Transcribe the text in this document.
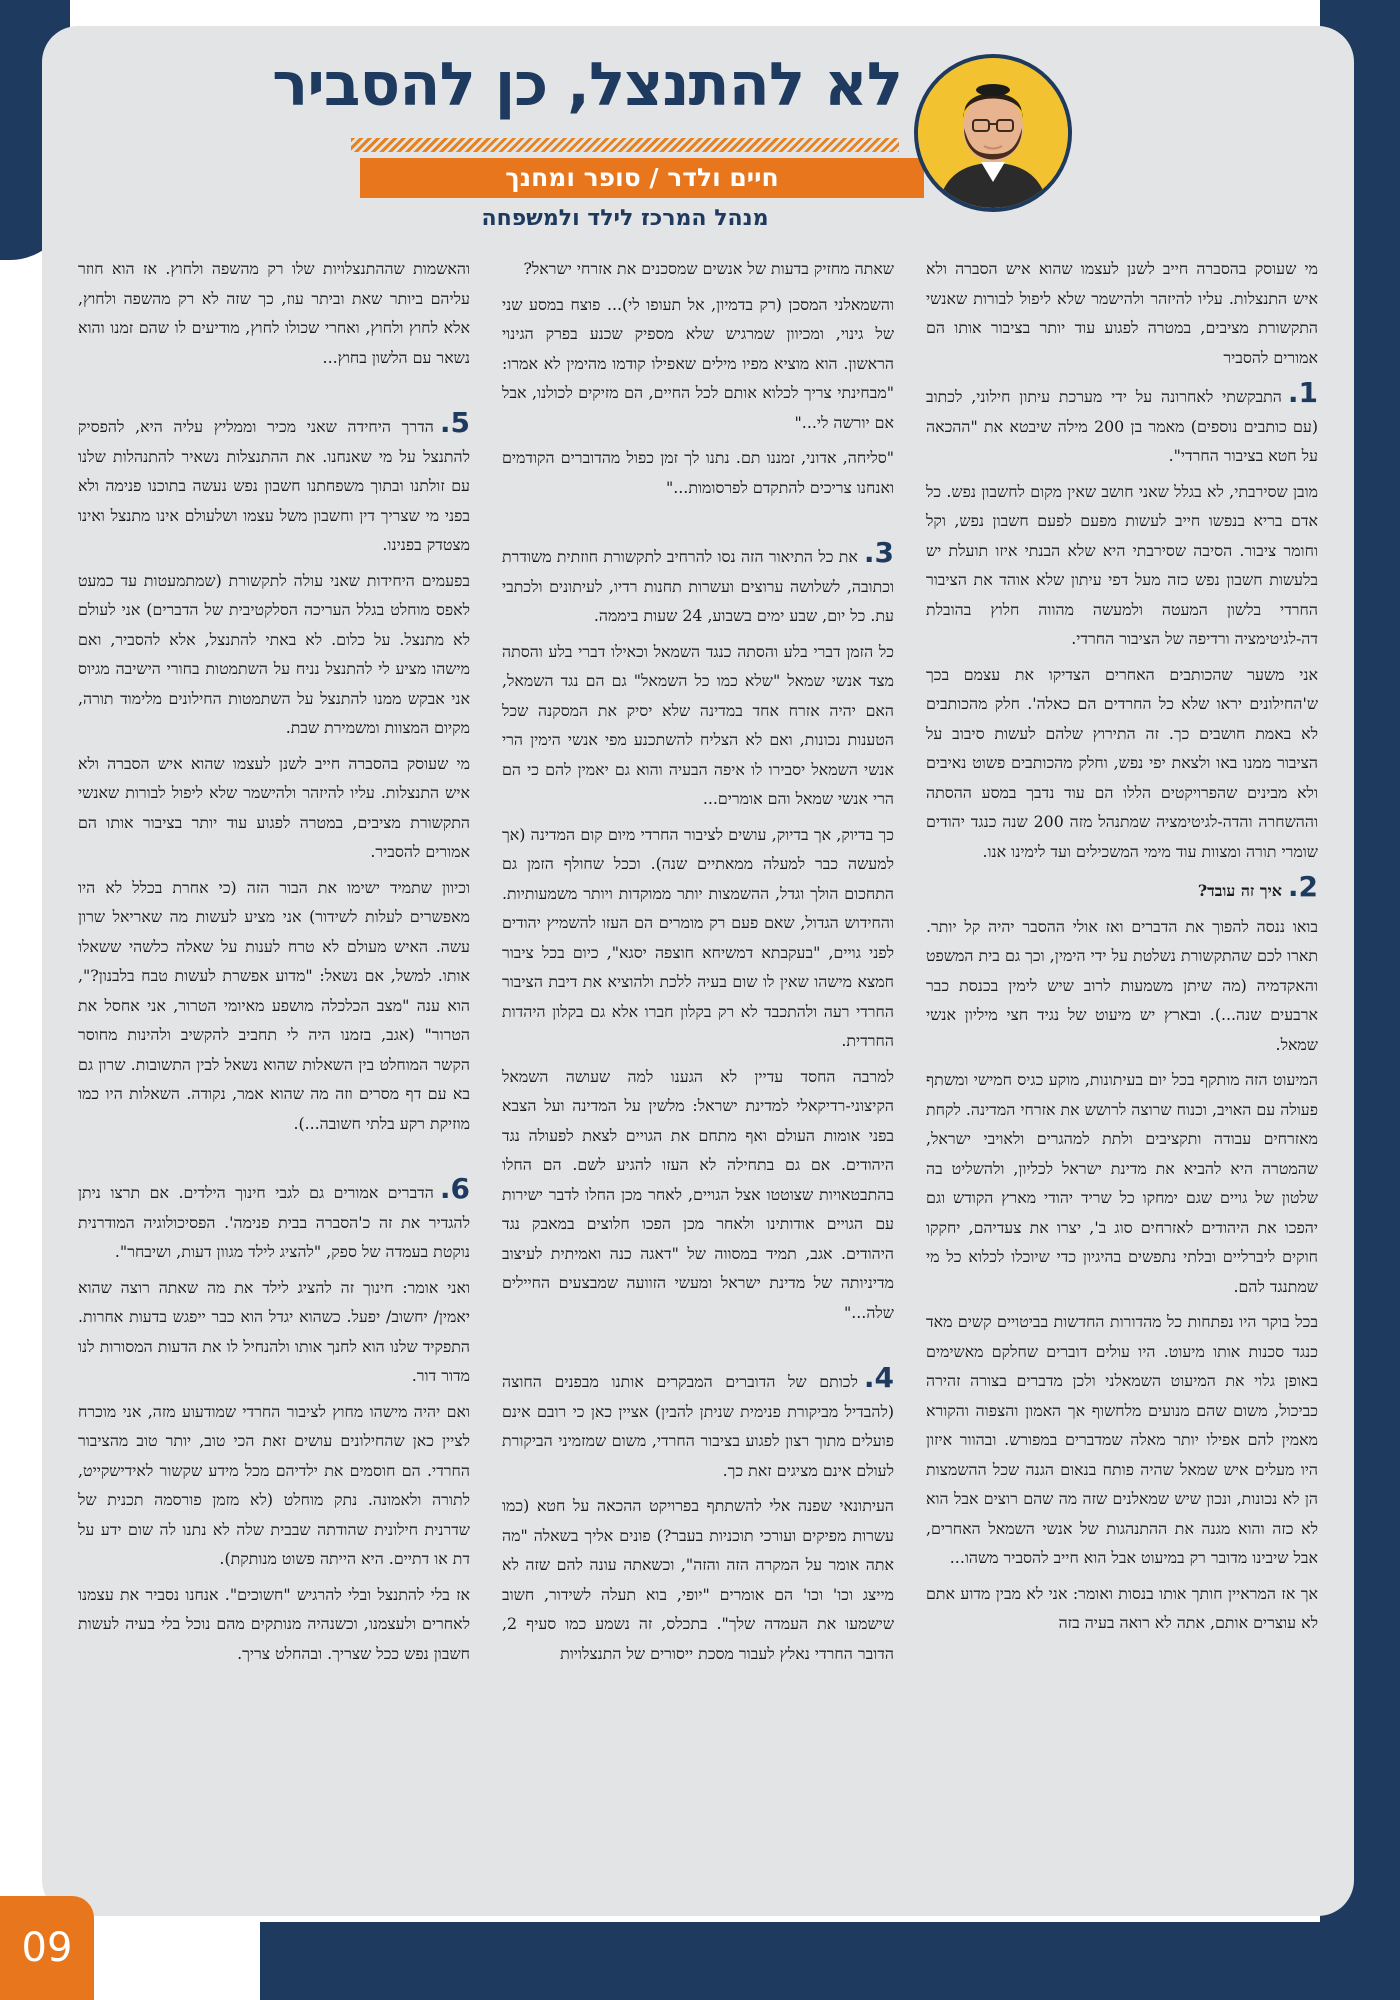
לא להתנצל, כן להסביר
חיים ולדר / סופר ומחנך
מנהל המרכז לילד ולמשפחה

מי שעוסק בהסברה חייב לשנן לעצמו שהוא איש הסברה ולא איש התנצלות. עליו להיזהר ולהישמר שלא ליפול לבורות שאנשי התקשורת מציבים, במטרה לפגוע עוד יותר בציבור אותו הם אמורים להסביר

1.התבקשתי לאחרונה על ידי מערכת עיתון חילוני, לכתוב (עם כותבים נוספים) מאמר בן 200 מילה שיבטא את "ההכאה על חטא בציבור החרדי".

מובן שסירבתי, לא בגלל שאני חושב שאין מקום לחשבון נפש. כל אדם בריא בנפשו חייב לעשות מפעם לפעם חשבון נפש, וקל וחומר ציבור. הסיבה שסירבתי היא שלא הבנתי איזו תועלת יש בלעשות חשבון נפש כזה מעל דפי עיתון שלא אוהד את הציבור החרדי בלשון המעטה ולמעשה מהווה חלוץ בהובלת דה-לגיטימציה ורדיפה של הציבור החרדי.

אני משער שהכותבים האחרים הצדיקו את עצמם בכך ש'החילונים יראו שלא כל החרדים הם כאלה'. חלק מהכותבים לא באמת חושבים כך. זה התירוץ שלהם לעשות סיבוב על הציבור ממנו באו ולצאת יפי נפש, וחלק מהכותבים פשוט נאיבים ולא מבינים שהפרויקטים הללו הם עוד נדבך במסע ההסתה וההשחרה והדה-לגיטימציה שמתנהל מזה 200 שנה כנגד יהודים שומרי תורה ומצוות עוד מימי המשכילים ועד לימינו אנו.

2.איך זה עובד?

בואו ננסה להפוך את הדברים ואז אולי ההסבר יהיה קל יותר. תארו לכם שהתקשורת נשלטת על ידי הימין, וכך גם בית המשפט והאקדמיה (מה שיתן משמעות לרוב שיש לימין בכנסת כבר ארבעים שנה...). ובארץ יש מיעוט של נגיד חצי מיליון אנשי שמאל.

המיעוט הזה מותקף בכל יום בעיתונות, מוקע כגיס חמישי ומשתף פעולה עם האויב, וכנוח שרוצה לרושש את אזרחי המדינה. לקחת מאזרחים עבודה ותקציבים ולתת למהגרים ולאויבי ישראל, שהמטרה היא להביא את מדינת ישראל לכליון, ולהשליט בה שלטון של גויים שגם ימחקו כל שריד יהודי מארץ הקודש וגם יהפכו את היהודים לאזרחים סוג ב', יצרו את צעדיהם, יחקקו חוקים ליברליים ובלתי נתפשים בהיגיון כדי שיוכלו לכלוא כל מי שמתנגד להם.

בכל בוקר היו נפתחות כל מהדורות החדשות בביטויים קשים מאד כנגד סכנות אותו מיעוט. היו עולים דוברים שחלקם מאשימים באופן גלוי את המיעוט השמאלני ולכן מדברים בצורה זהירה כביכול, משום שהם מנועים מלחשוף אך האמון והצפוה והקורא מאמין להם אפילו יותר מאלה שמדברים במפורש. ובהוור איזון היו מעלים איש שמאל שהיה פותח בנאום הגנה שכל ההשמצות הן לא נכונות, ונכון שיש שמאלנים שזה מה שהם רוצים אבל הוא לא כזה והוא מגנה את ההתנהגות של אנשי השמאל האחרים, אבל שיבינו מדובר רק במיעוט אבל הוא חייב להסביר משהו...

אך אז המראיין חותך אותו בנסות ואומר: אני לא מבין מדוע אתם לא עוצרים אותם, אתה לא רואה בעיה בזה

שאתה מחזיק בדעות של אנשים שמסכנים את אזרחי ישראל?

והשמאלני המסכן (רק בדמיון, אל תעופו לי)... פוצח במסע שני של גינוי, ומכיוון שמרגיש שלא מספיק שכנע בפרק הגינוי הראשון. הוא מוציא מפיו מילים שאפילו קודמו מהימין לא אמרו: "מבחינתי צריך לכלוא אותם לכל החיים, הם מזיקים לכולנו, אבל אם יורשה לי..."

"סליחה, אדוני, זמננו תם. נתנו לך זמן כפול מהדוברים הקודמים ואנחנו צריכים להתקדם לפרסומות..."

3.את כל התיאור הזה נסו להרחיב לתקשורת חוזתית משודרת וכתובה, לשלושה ערוצים ועשרות תחנות רדיו, לעיתונים ולכתבי עת. כל יום, שבע ימים בשבוע, 24 שעות ביממה.

כל הזמן דברי בלע והסתה כנגד השמאל וכאילו דברי בלע והסתה מצד אנשי שמאל "שלא כמו כל השמאל" גם הם נגד השמאל, האם יהיה אזרח אחד במדינה שלא יסיק את המסקנה שכל הטענות נכונות, ואם לא הצליח להשתכנע מפי אנשי הימין הרי אנשי השמאל יסבירו לו איפה הבעיה והוא גם יאמין להם כי הם הרי אנשי שמאל והם אומרים...

כך בדיוק, אך בדיוק, עושים לציבור החרדי מיום קום המדינה (אך למעשה כבר למעלה ממאתיים שנה). וככל שחולף הזמן גם התחכום הולך וגדל, ההשמצות יותר ממוקדות ויותר משמעותיות. והחידוש הגדול, שאם פעם רק מומרים הם העזו להשמיץ יהודים לפני גויים, "בעקבתא דמשיחא חוצפה יסגא", כיום בכל ציבור חמצא מישהו שאין לו שום בעיה ללכת ולהוציא את דיבת הציבור החרדי רעה ולהתכבד לא רק בקלון חברו אלא גם בקלון היהדות החרדית.

למרבה החסד עדיין לא הגענו למה שעושה השמאל הקיצוני-רדיקאלי למדינת ישראל: מלשין על המדינה ועל הצבא בפני אומות העולם ואף מתחם את הגויים לצאת לפעולה נגד היהודים. אם גם בתחילה לא העזו להגיע לשם. הם החלו בהתבטאויות שצוטטו אצל הגויים, לאחר מכן החלו לדבר ישירות עם הגויים אודותינו ולאחר מכן הפכו חלוצים במאבק נגד היהודים. אגב, תמיד במסווה של "דאגה כנה ואמיתית לעיצוב מדיניותה של מדינת ישראל ומעשי הזוועה שמבצעים החיילים שלה..."

4.לכותם של הדוברים המבקרים אותנו מבפנים החוצה (להבדיל מביקורת פנימית שניתן להבין) אציין כאן כי רובם אינם פועלים מתוך רצון לפגוע בציבור החרדי, משום שמזמיני הביקורת לעולם אינם מציגים זאת כך.

העיתונאי שפנה אלי להשתתף בפרויקט ההכאה על חטא (כמו עשרות מפיקים ועורכי תוכניות בעבר?) פונים אליך בשאלה "מה אתה אומר על המקרה הזה והזה", וכשאתה עונה להם שזה לא מייצג וכו' וכו' הם אומרים "יופי, בוא תעלה לשידור, חשוב שישמעו את העמדה שלך". בתכלס, זה נשמע כמו סעיף 2, הדובר החרדי נאלץ לעבור מסכת ייסורים של התנצלויות

והאשמות שההתנצלויות שלו רק מהשפה ולחוץ. אז הוא חוזר עליהם ביותר שאת וביתר עוז, כך שזה לא רק מהשפה ולחוץ, אלא לחוץ ולחוץ, ואחרי שכולו לחוץ, מודיעים לו שהם זמנו והוא נשאר עם הלשון בחוץ...

5.הדרך היחידה שאני מכיר וממליץ עליה היא, להפסיק להתנצל על מי שאנחנו. את ההתנצלות נשאיר להתנהלות שלנו עם זולתנו ובתוך משפחתנו חשבון נפש נעשה בתוכנו פנימה ולא בפני מי שצריך דין וחשבון משל עצמו ושלעולם אינו מתנצל ואינו מצטדק בפנינו.

בפעמים היחידות שאני עולה לתקשורת (שמתמעטות עד כמעט לאפס מוחלט בגלל העריכה הסלקטיבית של הדברים) אני לעולם לא מתנצל. על כלום. לא באתי להתנצל, אלא להסביר, ואם מישהו מציע לי להתנצל נניח על השתמטות בחורי הישיבה מגיוס אני אבקש ממנו להתנצל על השתמטות החילונים מלימוד תורה, מקיום המצוות ומשמירת שבת.

מי שעוסק בהסברה חייב לשנן לעצמו שהוא איש הסברה ולא איש התנצלות. עליו להיזהר ולהישמר שלא ליפול לבורות שאנשי התקשורת מציבים, במטרה לפגוע עוד יותר בציבור אותו הם אמורים להסביר.

וכיוון שתמיד ישימו את הבור הזה (כי אחרת בכלל לא היו מאפשרים לעלות לשידור) אני מציע לעשות מה שאריאל שרון עשה. האיש מעולם לא טרח לענות על שאלה כלשהי ששאלו אותו. למשל, אם נשאל: "מדוע אפשרת לעשות טבח בלבנון?", הוא ענה "מצב הכלכלה מושפע מאיומי הטרור, אני אחסל את הטרור" (אגב, בזמנו היה לי תחביב להקשיב ולהינות מחוסר הקשר המוחלט בין השאלות שהוא נשאל לבין התשובות. שרון גם בא עם דף מסרים וזה מה שהוא אמר, נקודה. השאלות היו כמו מוזיקת רקע בלתי חשובה...).

6.הדברים אמורים גם לגבי חינוך הילדים. אם תרצו ניתן להגדיר את זה כ'הסברה בבית פנימה'. הפסיכולוגיה המודרנית נוקטת בעמדה של ספק, "להציג לילד מגוון דעות, ושיבחר".

ואני אומר: חינוך זה להציג לילד את מה שאתה רוצה שהוא יאמין/ יחשוב/ יפעל. כשהוא יגדל הוא כבר ייפגש בדעות אחרות. התפקיד שלנו הוא לחנך אותו ולהנחיל לו את הדעות המסורות לנו מדור דור.

ואם יהיה מישהו מחוץ לציבור החרדי שמודעוע מזה, אני מוכרח לציין כאן שהחילונים עושים זאת הכי טוב, יותר טוב מהציבור החרדי. הם חוסמים את ילדיהם מכל מידע שקשור לאידישקייט, לתורה ולאמונה. נתק מוחלט (לא מזמן פורסמה תכנית של שדרנית חילונית שהודתה שבבית שלה לא נתנו לה שום ידע על דת או דתיים. היא הייתה פשוט מנותקת).

אז בלי להתנצל ובלי להרגיש "חשוכים". אנחנו נסביר את עצמנו לאחרים ולעצמנו, וכשנהיה מנותקים מהם נוכל בלי בעיה לעשות חשבון נפש ככל שצריך. ובהחלט צריך.

09
